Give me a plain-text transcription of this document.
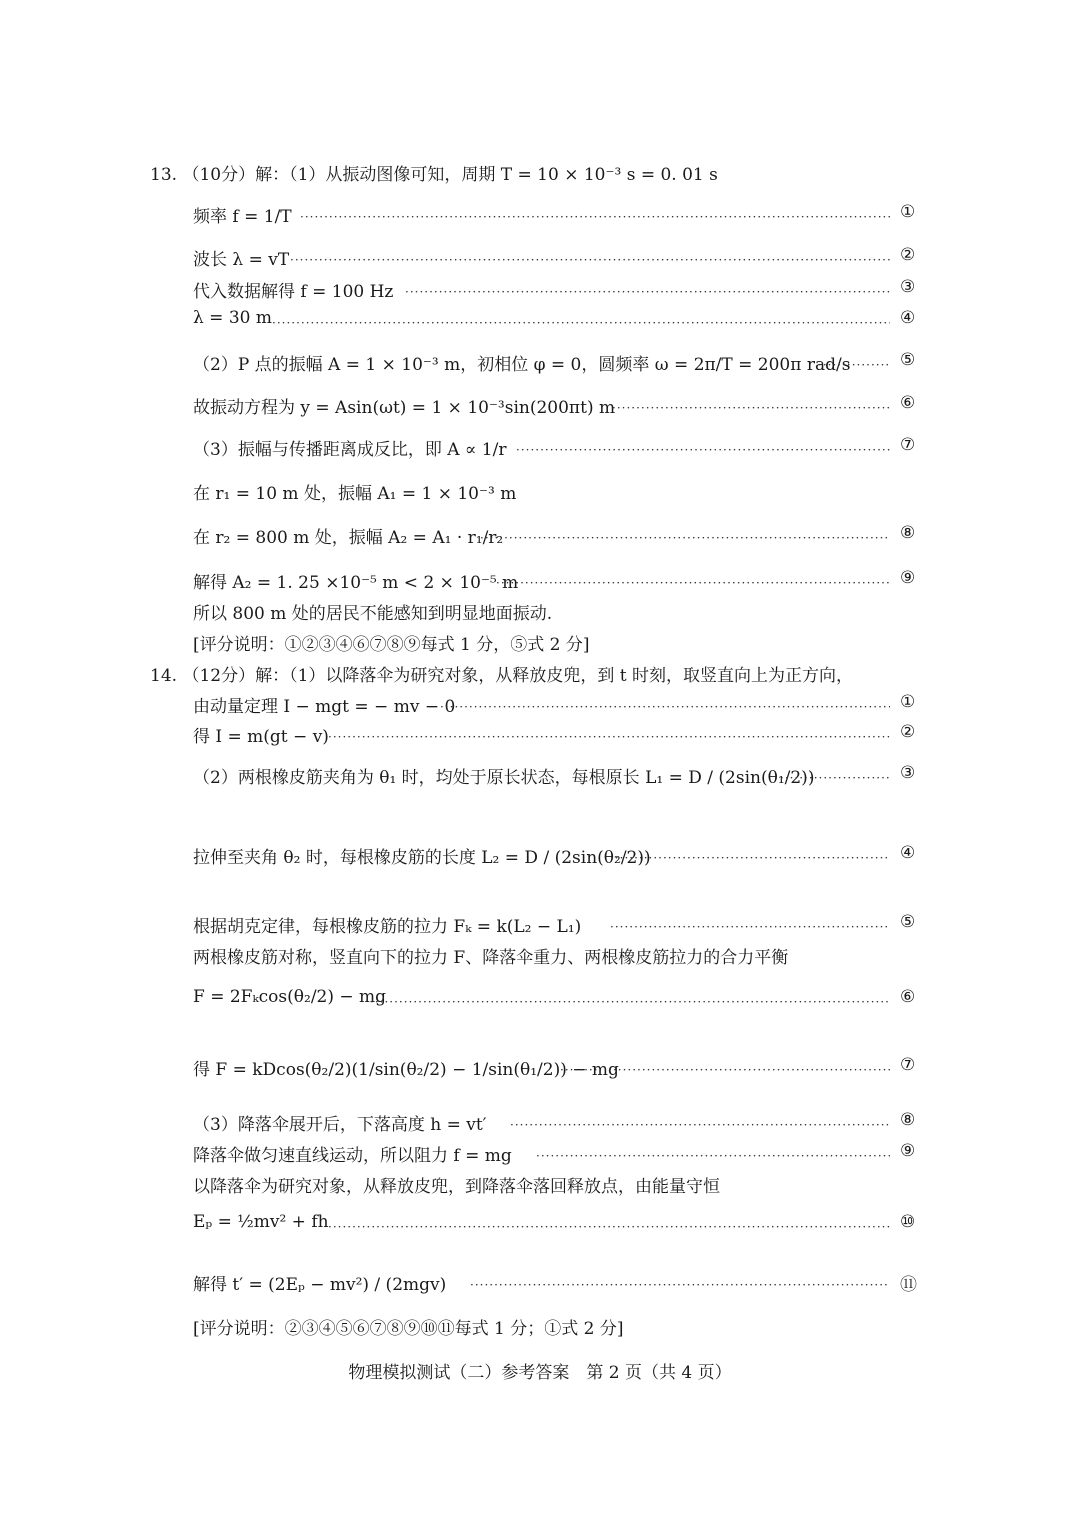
13. （10分）解：（1）从振动图像可知，周期 T = 10 × 10⁻³ s = 0. 01 s
频率 f = 1/T ·····	①
波长 λ = vT ·····	②
代入数据解得 f = 100 Hz ·····	③
λ = 30 m ·····	④
（2）P 点的振幅 A = 1 × 10⁻³ m，初相位 φ = 0，圆频率 ω = 2π/T = 200π rad/s ·····	⑤
故振动方程为 y = Asin(ωt) = 1 × 10⁻³sin(200πt) m ·····	⑥
（3）振幅与传播距离成反比，即 A ∝ 1/r ·····	⑦
在 r₁ = 10 m 处，振幅 A₁ = 1 × 10⁻³ m
在 r₂ = 800 m 处，振幅 A₂ = A₁ · r₁/r₂ ·····	⑧
解得 A₂ = 1. 25 ×10⁻⁵ m < 2 × 10⁻⁵ m ·····	⑨
所以 800 m 处的居民不能感知到明显地面振动.
[评分说明：①②③④⑥⑦⑧⑨每式 1 分，⑤式 2 分]
14. （12分）解：（1）以降落伞为研究对象，从释放皮兜，到 t 时刻，取竖直向上为正方向，
由动量定理 I − mgt = − mv − 0 ·····	①
得 I = m(gt − v) ·····	②
（2）两根橡皮筋夹角为 θ₁ 时，均处于原长状态，每根原长 L₁ = D / (2sin(θ₁/2)) ·····	③
拉伸至夹角 θ₂ 时，每根橡皮筋的长度 L₂ = D / (2sin(θ₂/2)) ·····	④
根据胡克定律，每根橡皮筋的拉力 Fₖ = k(L₂ − L₁) ·····	⑤
两根橡皮筋对称，竖直向下的拉力 F、降落伞重力、两根橡皮筋拉力的合力平衡
F = 2Fₖcos(θ₂/2) − mg ·····	⑥
得 F = kDcos(θ₂/2)(1/sin(θ₂/2) − 1/sin(θ₁/2)) − mg ·····	⑦
（3）降落伞展开后，下落高度 h = vt′ ·····	⑧
降落伞做匀速直线运动，所以阻力 f = mg ·····	⑨
以降落伞为研究对象，从释放皮兜，到降落伞落回释放点，由能量守恒
Eₚ = ½mv² + fh ·····	⑩
解得 t′ = (2Eₚ − mv²) / (2mgv) ·····	⑪
[评分说明：②③④⑤⑥⑦⑧⑨⑩⑪每式 1 分；①式 2 分]
物理模拟测试（二）参考答案　第 2 页（共 4 页）
